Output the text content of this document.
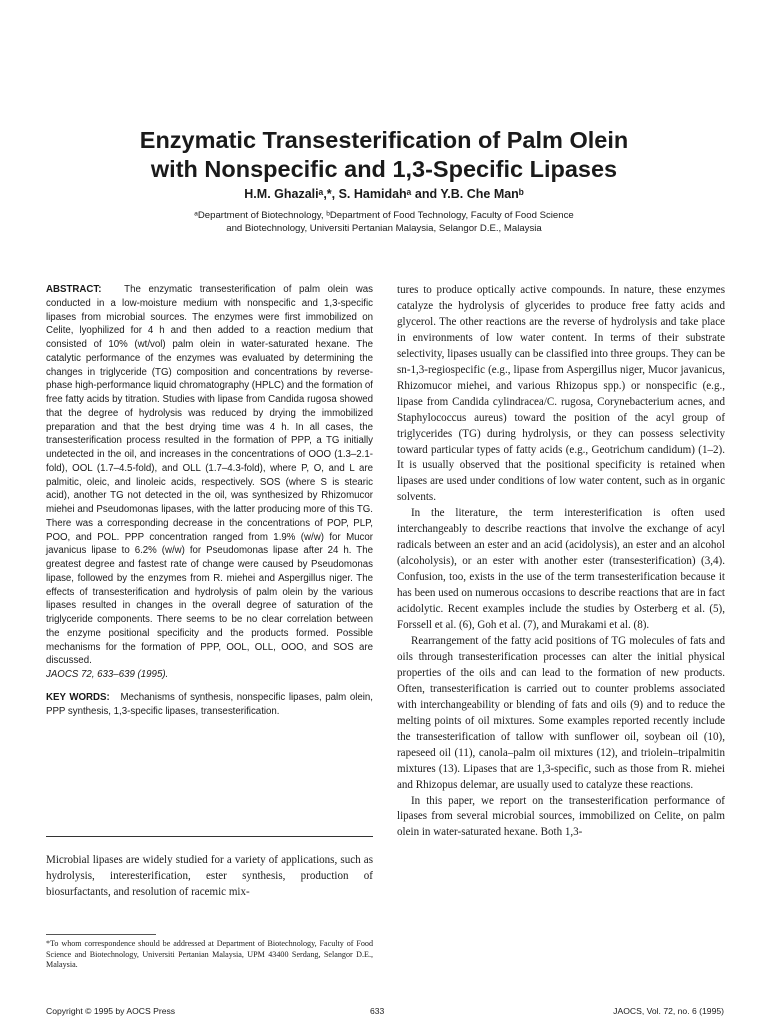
Enzymatic Transesterification of Palm Olein
with Nonspecific and 1,3-Specific Lipases

H.M. Ghazaliᵃ,*, S. Hamidahᵃ and Y.B. Che Manᵇ

ᵃDepartment of Biotechnology, ᵇDepartment of Food Technology, Faculty of Food Science
and Biotechnology, Universiti Pertanian Malaysia, Selangor D.E., Malaysia

ABSTRACT: The enzymatic transesterification of palm olein was conducted in a low-moisture medium with nonspecific and 1,3-specific lipases from microbial sources. The enzymes were first immobilized on Celite, lyophilized for 4 h and then added to a reaction medium that consisted of 10% (wt/vol) palm olein in water-saturated hexane. The catalytic performance of the enzymes was evaluated by determining the changes in triglyceride (TG) composition and concentrations by reverse-phase high-performance liquid chromatography (HPLC) and the formation of free fatty acids by titration. Studies with lipase from Candida rugosa showed that the degree of hydrolysis was reduced by drying the immobilized preparation and that the best drying time was 4 h. In all cases, the transesterification process resulted in the formation of PPP, a TG initially undetected in the oil, and increases in the concentrations of OOO (1.3–2.1-fold), OOL (1.7–4.5-fold), and OLL (1.7–4.3-fold), where P, O, and L are palmitic, oleic, and linoleic acids, respectively. SOS (where S is stearic acid), another TG not detected in the oil, was synthesized by Rhizomucor miehei and Pseudomonas lipases, with the latter producing more of this TG. There was a corresponding decrease in the concentrations of POP, PLP, POO, and POL. PPP concentration ranged from 1.9% (w/w) for Mucor javanicus lipase to 6.2% (w/w) for Pseudomonas lipase after 24 h. The greatest degree and fastest rate of change were caused by Pseudomonas lipase, followed by the enzymes from R. miehei and Aspergillus niger. The effects of transesterification and hydrolysis of palm olein by the various lipases resulted in changes in the overall degree of saturation of the triglyceride components. There seems to be no clear correlation between the enzyme positional specificity and the products formed. Possible mechanisms for the formation of PPP, OOL, OLL, OOO, and SOS are discussed.

JAOCS 72, 633–639 (1995).

KEY WORDS: Mechanisms of synthesis, nonspecific lipases, palm olein, PPP synthesis, 1,3-specific lipases, transesterification.

Microbial lipases are widely studied for a variety of applications, such as hydrolysis, interesterification, ester synthesis, production of biosurfactants, and resolution of racemic mix-

*To whom correspondence should be addressed at Department of Biotechnology, Faculty of Food Science and Biotechnology, Universiti Pertanian Malaysia, UPM 43400 Serdang, Selangor D.E., Malaysia.

tures to produce optically active compounds. In nature, these enzymes catalyze the hydrolysis of glycerides to produce free fatty acids and glycerol. The other reactions are the reverse of hydrolysis and take place in environments of low water content. In terms of their substrate selectivity, lipases usually can be classified into three groups. They can be sn-1,3-regiospecific (e.g., lipase from Aspergillus niger, Mucor javanicus, Rhizomucor miehei, and various Rhizopus spp.) or nonspecific (e.g., lipase from Candida cylindracea/C. rugosa, Corynebacterium acnes, and Staphylococcus aureus) toward the position of the acyl group of triglycerides (TG) during hydrolysis, or they can possess selectivity toward particular types of fatty acids (e.g., Geotrichum candidum) (1–2). It is usually observed that the positional specificity is retained when lipases are used under conditions of low water content, such as in organic solvents.

In the literature, the term interesterification is often used interchangeably to describe reactions that involve the exchange of acyl radicals between an ester and an acid (acidolysis), an ester and an alcohol (alcoholysis), or an ester with another ester (transesterification) (3,4). Confusion, too, exists in the use of the term transesterification because it has been used on numerous occasions to describe reactions that are in fact acidolytic. Recent examples include the studies by Osterberg et al. (5), Forssell et al. (6), Goh et al. (7), and Murakami et al. (8).

Rearrangement of the fatty acid positions of TG molecules of fats and oils through transesterification processes can alter the initial physical properties of the oils and can lead to the formation of new products. Often, transesterification is carried out to counter problems associated with interchangeability or blending of fats and oils (9) and to reduce the melting points of oil mixtures. Some examples reported recently include the transesterification of tallow with sunflower oil, soybean oil (10), rapeseed oil (11), canola–palm oil mixtures (12), and triolein–tripalmitin mixtures (13). Lipases that are 1,3-specific, such as those from R. miehei and Rhizopus delemar, are usually used to catalyze these reactions.

In this paper, we report on the transesterification performance of lipases from several microbial sources, immobilized on Celite, on palm olein in water-saturated hexane. Both 1,3-

Copyright © 1995 by AOCS Press	633	JAOCS, Vol. 72, no. 6 (1995)
